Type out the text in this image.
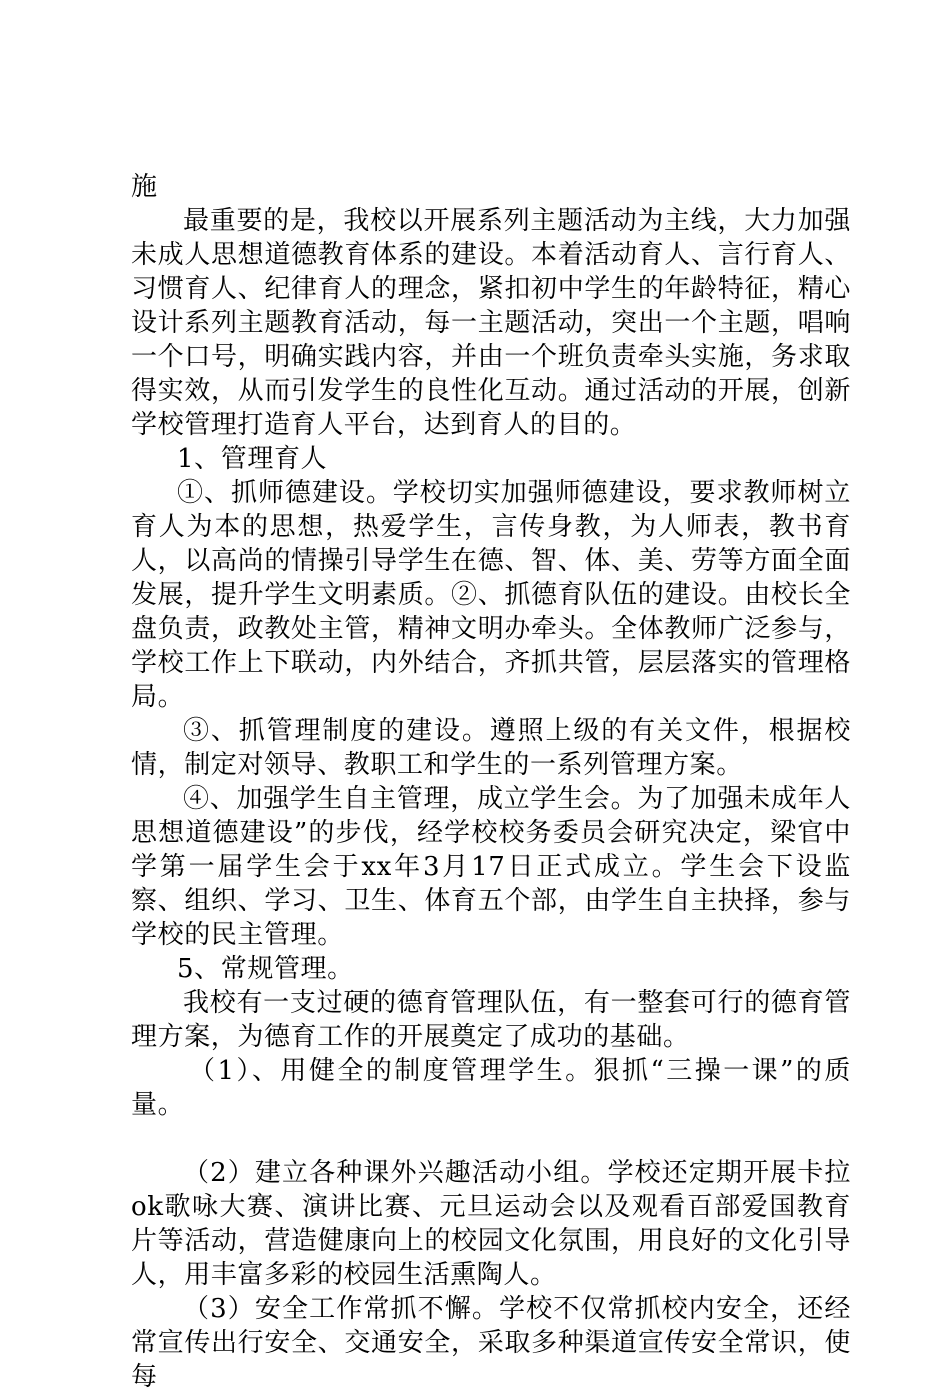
施

最重要的是，我校以开展系列主题活动为主线，大力加强未成人思想道德教育体系的建设。本着活动育人、言行育人、习惯育人、纪律育人的理念，紧扣初中学生的年龄特征，精心设计系列主题教育活动，每一主题活动，突出一个主题，唱响一个口号，明确实践内容，并由一个班负责牵头实施，务求取得实效，从而引发学生的良性化互动。通过活动的开展，创新学校管理打造育人平台，达到育人的目的。

1、管理育人

①、抓师德建设。学校切实加强师德建设，要求教师树立育人为本的思想，热爱学生，言传身教，为人师表，教书育人，以高尚的情操引导学生在德、智、体、美、劳等方面全面发展，提升学生文明素质。②、抓德育队伍的建设。由校长全盘负责，政教处主管，精神文明办牵头。全体教师广泛参与，学校工作上下联动，内外结合，齐抓共管，层层落实的管理格局。

③、抓管理制度的建设。遵照上级的有关文件，根据校情，制定对领导、教职工和学生的一系列管理方案。

④、加强学生自主管理，成立学生会。为了加强未成年人思想道德建设”的步伐，经学校校务委员会研究决定，梁官中学第一届学生会于xx年3月17日正式成立。学生会下设监察、组织、学习、卫生、体育五个部，由学生自主抉择，参与学校的民主管理。

5、常规管理。

我校有一支过硬的德育管理队伍，有一整套可行的德育管理方案，为德育工作的开展奠定了成功的基础。

（1）、用健全的制度管理学生。狠抓“三操一课”的质量。

（2）建立各种课外兴趣活动小组。学校还定期开展卡拉ok歌咏大赛、演讲比赛、元旦运动会以及观看百部爱国教育片等活动，营造健康向上的校园文化氛围，用良好的文化引导人，用丰富多彩的校园生活熏陶人。

（3）安全工作常抓不懈。学校不仅常抓校内安全，还经常宣传出行安全、交通安全，采取多种渠道宣传安全常识，使每
